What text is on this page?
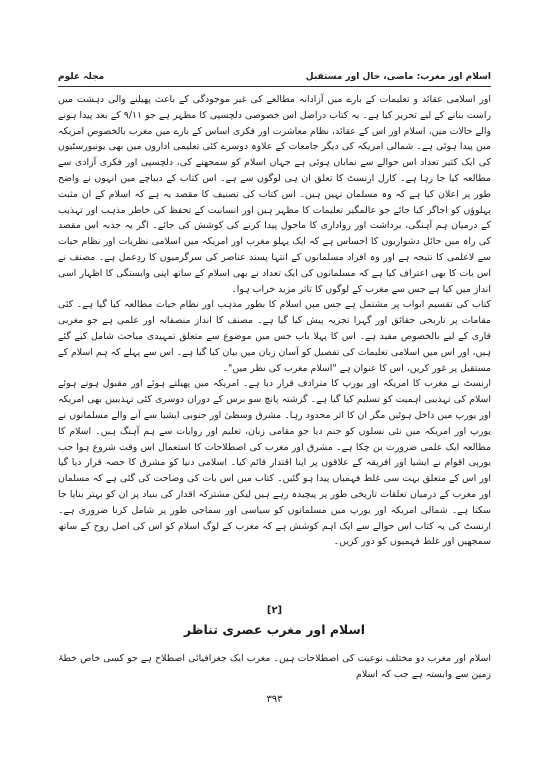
مجلہ علوم	اسلام اور مغرب: ماضی، حال اور مستقبل

اور اسلامی عقائد و تعلیمات کے بارے میں آزادانہ مطالعے کی غیر موجودگی کے باعث پھیلنے والی دہشت میں راست بنانے کے لیے تحریر کیا ہے۔ یہ کتاب دراصل اس خصوصی دلچسپی کا مظہر ہے جو ۹/۱۱ کے بعد پیدا ہونے والے حالات میں، اسلام اور اس کے عقائد، نظام معاشرت اور فکری اساس کے بارے میں مغرب بالخصوص امریکہ میں پیدا ہوئی ہے۔ شمالی امریکہ کی دیگر جامعات کے علاوہ دوسرے کئی تعلیمی اداروں میں بھی یونیورسٹیوں کی ایک کثیر تعداد اس حوالے سے نمایاں ہوئی ہے جہاں اسلام کو سمجھنے کی، دلچسپی اور فکری آزادی سے مطالعہ کیا جا رہا ہے۔ کارل ارنسٹ کا تعلق ان ہی لوگوں سے ہے۔ اس کتاب کے دیباچے میں انہوں نے واضح طور پر اعلان کیا ہے کہ وہ مسلمان نہیں ہیں۔ اس کتاب کی تصنیف کا مقصد یہ ہے کہ اسلام کے ان مثبت پہلوؤں کو اجاگر کیا جائے جو عالمگیر تعلیمات کا مظہر ہیں اور انسانیت کے تحفظ کی خاطر مذہب اور تہذیب کے درمیان ہم آہنگی، برداشت اور رواداری کا ماحول پیدا کرنے کی کوشش کی جائے۔ اگر یہ جذبہ اس مقصد کی راہ میں حائل دشواریوں کا احساس ہے کہ ایک پہلو مغرب اور امریکہ میں اسلامی نظریات اور نظام حیات سے لاعلمی کا نتیجہ ہے اور وہ افراد مسلمانوں کے انتہا پسند عناصر کی سرگرمیوں کا ردِعمل ہے۔ مصنف نے اس بات کا بھی اعتراف کیا ہے کہ مسلمانوں کی ایک تعداد نے بھی اسلام کے ساتھ اپنی وابستگی کا اظہار اسی انداز میں کیا ہے جس سے مغرب کے لوگوں کا تاثر مزید خراب ہوا۔

کتاب کی تقسیم ابواب پر مشتمل ہے جس میں اسلام کا بطور مذہب اور نظام حیات مطالعہ کیا گیا ہے۔ کئی مقامات پر تاریخی حقائق اور گہرا تجزیہ پیش کیا گیا ہے۔ مصنف کا انداز منصفانہ اور علمی ہے جو مغربی قاری کے لیے بالخصوص مفید ہے۔ اس کا پہلا باب جس میں موضوع سے متعلق تمہیدی مباحث شامل کیے گئے ہیں، اور اس میں اسلامی تعلیمات کی تفصیل کو آسان زبان میں بیان کیا گیا ہے۔ اس سے پہلے کہ ہم اسلام کے مستقبل پر غور کریں، اس کا عنوان ہے "اسلام مغرب کی نظر میں"۔

ارنسٹ نے مغرب کا امریکہ اور یورپ کا مترادف قرار دیا ہے۔ امریکہ میں پھیلتے ہوئے اور مقبول ہوتے ہوئے اسلام کی تہذیبی اہمیت کو تسلیم کیا گیا ہے۔ گزشتہ پانچ سو برس کے دوران دوسری کئی تہذیبیں بھی امریکہ اور یورپ میں داخل ہوئیں مگر ان کا اثر محدود رہا۔ مشرق وسطیٰ اور جنوبی ایشیا سے آنے والے مسلمانوں نے یورپ اور امریکہ میں نئی نسلوں کو جنم دیا جو مقامی زبان، تعلیم اور روایات سے ہم آہنگ ہیں۔ اسلام کا مطالعہ ایک علمی ضرورت بن چکا ہے۔ مشرق اور مغرب کی اصطلاحات کا استعمال اس وقت شروع ہوا جب یورپی اقوام نے ایشیا اور افریقہ کے علاقوں پر اپنا اقتدار قائم کیا۔ اسلامی دنیا کو مشرق کا حصہ قرار دیا گیا اور اس کے متعلق بہت سی غلط فہمیاں پیدا ہو گئیں۔ کتاب میں اس بات کی وضاحت کی گئی ہے کہ مسلمان اور مغرب کے درمیان تعلقات تاریخی طور پر پیچیدہ رہے ہیں لیکن مشترکہ اقدار کی بنیاد پر ان کو بہتر بنایا جا سکتا ہے۔ شمالی امریکہ اور یورپ میں مسلمانوں کو سیاسی اور سماجی طور پر شامل کرنا ضروری ہے۔ ارنسٹ کی یہ کتاب اس حوالے سے ایک اہم کوشش ہے کہ مغرب کے لوگ اسلام کو اس کی اصل روح کے ساتھ سمجھیں اور غلط فہمیوں کو دور کریں۔

[۲]
اسلام اور مغرب عصری تناظر
اسلام اور مغرب دو مختلف نوعیت کی اصطلاحات ہیں۔ مغرب ایک جغرافیائی اصطلاح ہے جو کسی خاص خطۂ زمین سے وابستہ ہے جب کہ اسلام
۳۹۳
